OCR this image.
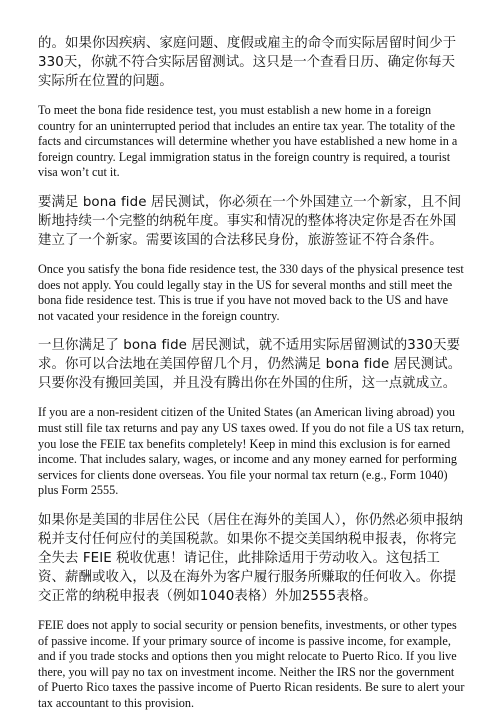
的。如果你因疾病、家庭问题、度假或雇主的命令而实际居留时间少于330天，你就不符合实际居留测试。这只是一个查看日历、确定你每天实际所在位置的问题。

To meet the bona fide residence test, you must establish a new home in a foreign country for an uninterrupted period that includes an entire tax year. The totality of the facts and circumstances will determine whether you have established a new home in a foreign country. Legal immigration status in the foreign country is required, a tourist visa won’t cut it.

要满足 bona fide 居民测试，你必须在一个外国建立一个新家，且不间断地持续一个完整的纳税年度。事实和情况的整体将决定你是否在外国建立了一个新家。需要该国的合法移民身份，旅游签证不符合条件。

Once you satisfy the bona fide residence test, the 330 days of the physical presence test does not apply. You could legally stay in the US for several months and still meet the bona fide residence test. This is true if you have not moved back to the US and have not vacated your residence in the foreign country.

一旦你满足了 bona fide 居民测试，就不适用实际居留测试的330天要求。你可以合法地在美国停留几个月，仍然满足 bona fide 居民测试。只要你没有搬回美国，并且没有腾出你在外国的住所，这一点就成立。

If you are a non-resident citizen of the United States (an American living abroad) you must still file tax returns and pay any US taxes owed. If you do not file a US tax return, you lose the FEIE tax benefits completely! Keep in mind this exclusion is for earned income. That includes salary, wages, or income and any money earned for performing services for clients done overseas. You file your normal tax return (e.g., Form 1040) plus Form 2555.

如果你是美国的非居住公民（居住在海外的美国人），你仍然必须申报纳税并支付任何应付的美国税款。如果你不提交美国纳税申报表，你将完全失去 FEIE 税收优惠！请记住，此排除适用于劳动收入。这包括工资、薪酬或收入，以及在海外为客户履行服务所赚取的任何收入。你提交正常的纳税申报表（例如1040表格）外加2555表格。

FEIE does not apply to social security or pension benefits, investments, or other types of passive income. If your primary source of income is passive income, for example, and if you trade stocks and options then you might relocate to Puerto Rico. If you live there, you will pay no tax on investment income. Neither the IRS nor the government of Puerto Rico taxes the passive income of Puerto Rican residents. Be sure to alert your tax accountant to this provision.
